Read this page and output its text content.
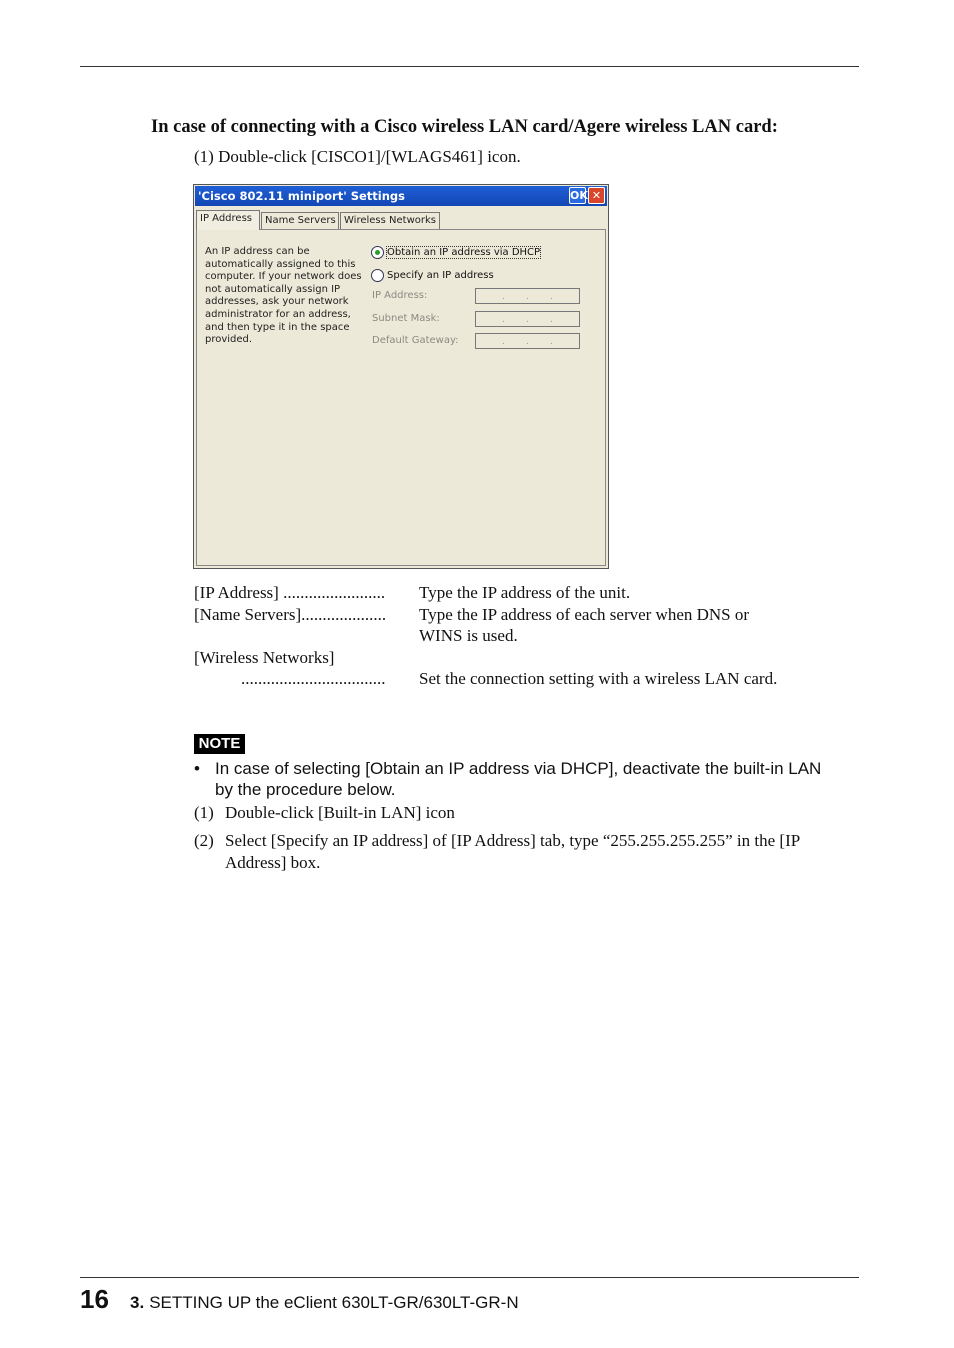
In case of connecting with a Cisco wireless LAN card/Agere wireless LAN card:
(1) Double-click [CISCO1]/[WLAGS461] icon.
'Cisco 802.11 miniport' Settings	OK ✕
IP Address	Name Servers Wireless Networks
An IP address can be automatically assigned to this computer. If your network does not automatically assign IP addresses, ask your network administrator for an address, and then type it in the space provided.
Obtain an IP address via DHCP
Specify an IP address
IP Address:	. . .
Subnet Mask:	. . .
Default Gateway:	. . .
[IP Address] ........................ Type the IP address of the unit.
[Name Servers].................... Type the IP address of each server when DNS or
WINS is used.
[Wireless Networks]
.................................. Set the connection setting with a wireless LAN card.
NOTE
• In case of selecting [Obtain an IP address via DHCP], deactivate the built-in LAN by the procedure below.
(1) Double-click [Built-in LAN] icon
(2) Select [Specify an IP address] of [IP Address] tab, type “255.255.255.255” in the [IP Address] box.
16 3. SETTING UP the eClient 630LT-GR/630LT-GR-N
